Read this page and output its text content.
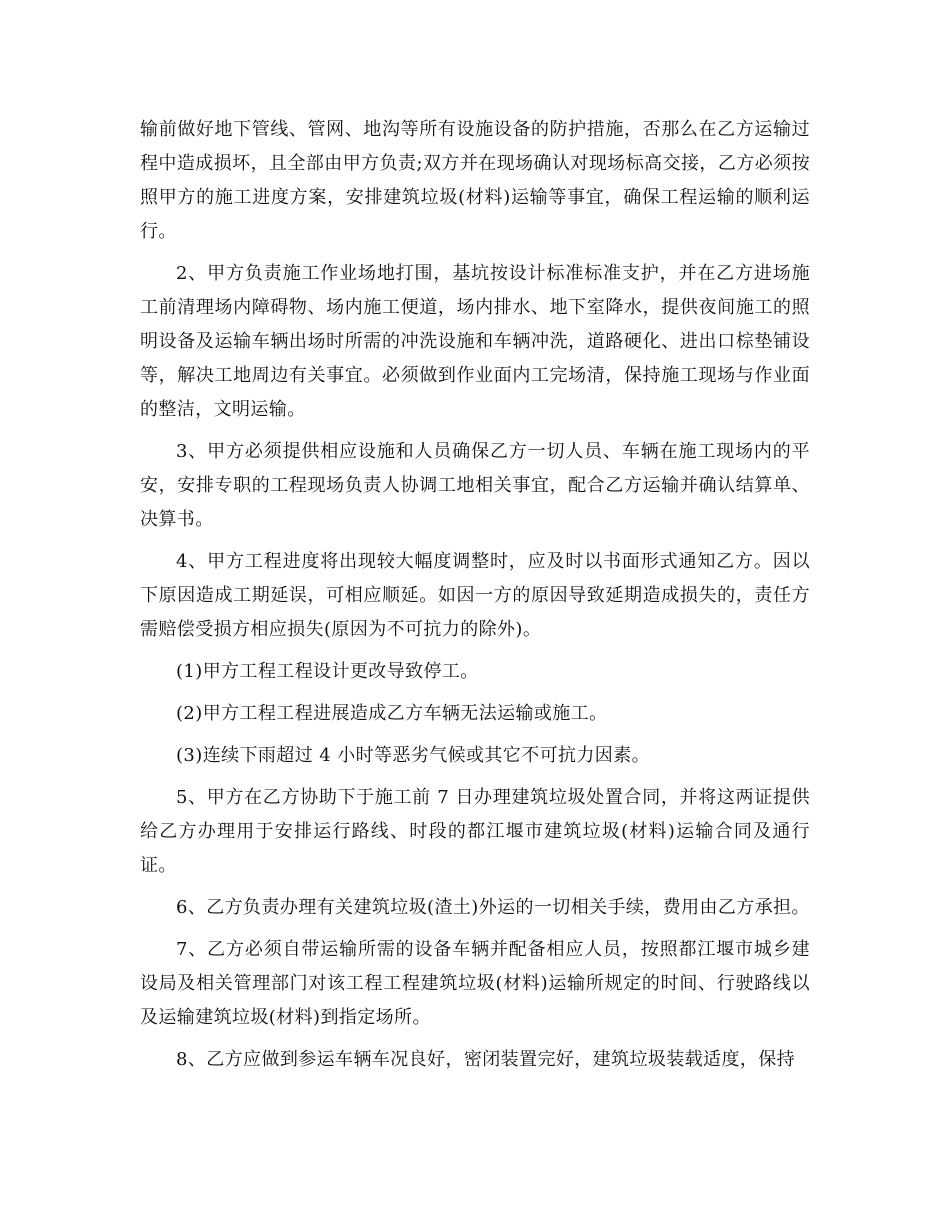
输前做好地下管线、管网、地沟等所有设施设备的防护措施，否那么在乙方运输过程中造成损坏，且全部由甲方负责;双方并在现场确认对现场标高交接，乙方必须按照甲方的施工进度方案，安排建筑垃圾(材料)运输等事宜，确保工程运输的顺利运行。

2、甲方负责施工作业场地打围，基坑按设计标准标准支护，并在乙方进场施工前清理场内障碍物、场内施工便道，场内排水、地下室降水，提供夜间施工的照明设备及运输车辆出场时所需的冲洗设施和车辆冲洗，道路硬化、进出口棕垫铺设等，解决工地周边有关事宜。必须做到作业面内工完场清，保持施工现场与作业面的整洁，文明运输。

3、甲方必须提供相应设施和人员确保乙方一切人员、车辆在施工现场内的平安，安排专职的工程现场负责人协调工地相关事宜，配合乙方运输并确认结算单、决算书。

4、甲方工程进度将出现较大幅度调整时，应及时以书面形式通知乙方。因以下原因造成工期延误，可相应顺延。如因一方的原因导致延期造成损失的，责任方需赔偿受损方相应损失(原因为不可抗力的除外)。

(1)甲方工程工程设计更改导致停工。

(2)甲方工程工程进展造成乙方车辆无法运输或施工。

(3)连续下雨超过 4 小时等恶劣气候或其它不可抗力因素。

5、甲方在乙方协助下于施工前 7 日办理建筑垃圾处置合同，并将这两证提供给乙方办理用于安排运行路线、时段的都江堰市建筑垃圾(材料)运输合同及通行证。

6、乙方负责办理有关建筑垃圾(渣土)外运的一切相关手续，费用由乙方承担。

7、乙方必须自带运输所需的设备车辆并配备相应人员，按照都江堰市城乡建设局及相关管理部门对该工程工程建筑垃圾(材料)运输所规定的时间、行驶路线以及运输建筑垃圾(材料)到指定场所。

8、乙方应做到参运车辆车况良好，密闭装置完好，建筑垃圾装载适度，保持
